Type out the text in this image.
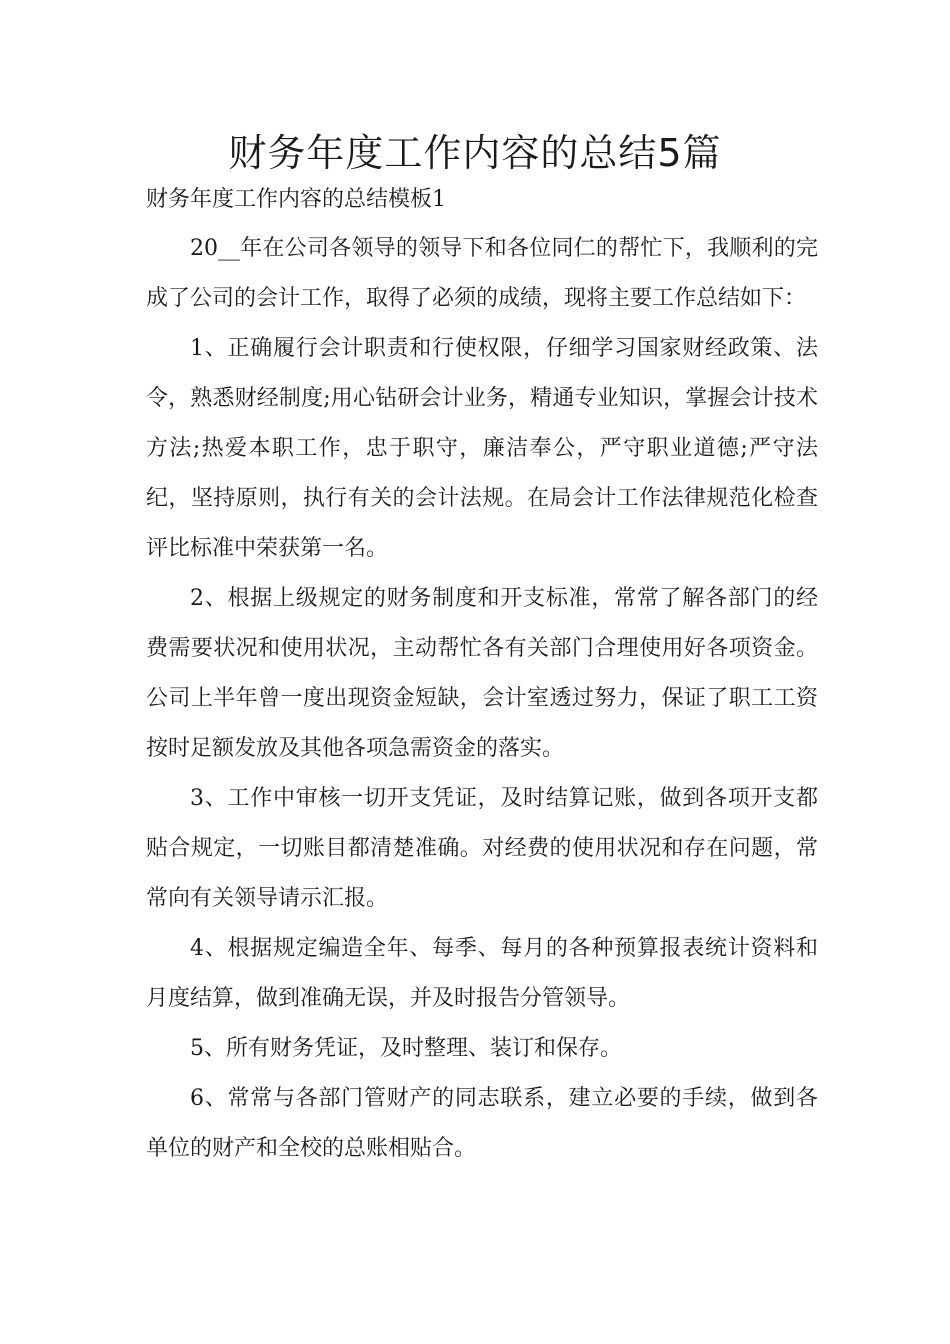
财务年度工作内容的总结5篇

财务年度工作内容的总结模板1

20__年在公司各领导的领导下和各位同仁的帮忙下，我顺利的完成了公司的会计工作，取得了必须的成绩，现将主要工作总结如下：

1、正确履行会计职责和行使权限，仔细学习国家财经政策、法令，熟悉财经制度;用心钻研会计业务，精通专业知识，掌握会计技术方法;热爱本职工作，忠于职守，廉洁奉公，严守职业道德;严守法纪，坚持原则，执行有关的会计法规。在局会计工作法律规范化检查评比标准中荣获第一名。

2、根据上级规定的财务制度和开支标准，常常了解各部门的经费需要状况和使用状况，主动帮忙各有关部门合理使用好各项资金。公司上半年曾一度出现资金短缺，会计室透过努力，保证了职工工资按时足额发放及其他各项急需资金的落实。

3、工作中审核一切开支凭证，及时结算记账，做到各项开支都贴合规定，一切账目都清楚准确。对经费的使用状况和存在问题，常常向有关领导请示汇报。

4、根据规定编造全年、每季、每月的各种预算报表统计资料和月度结算，做到准确无误，并及时报告分管领导。

5、所有财务凭证，及时整理、装订和保存。

6、常常与各部门管财产的同志联系，建立必要的手续，做到各单位的财产和全校的总账相贴合。
